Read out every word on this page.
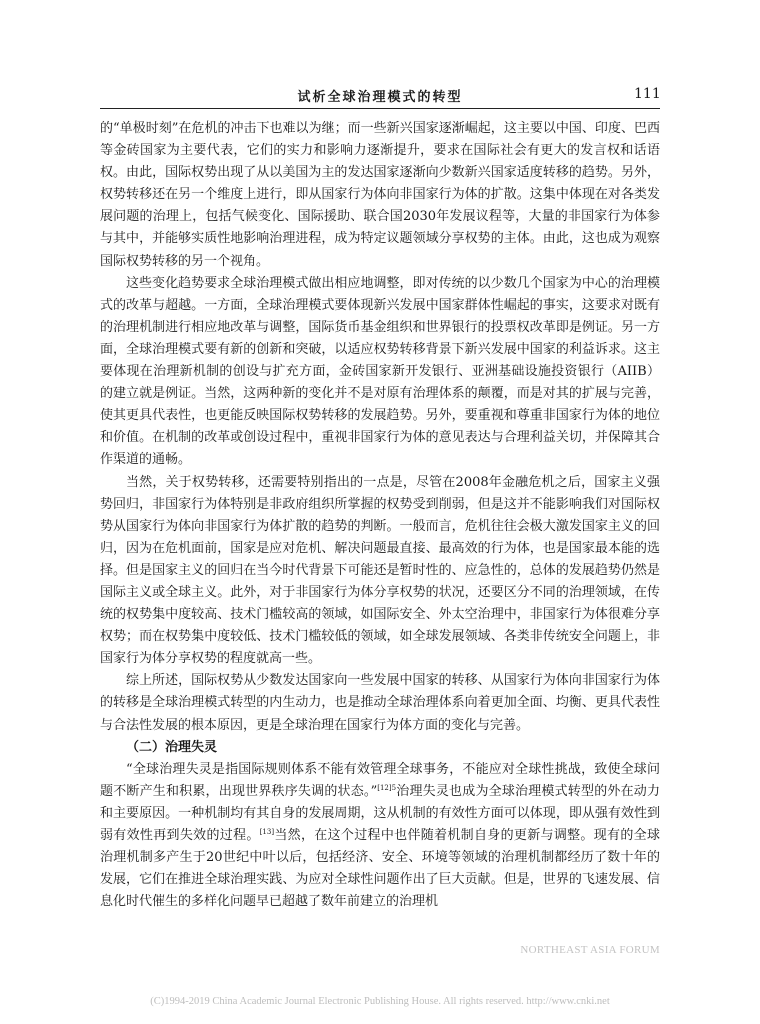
试析全球治理模式的转型	111

的“单极时刻”在危机的冲击下也难以为继；而一些新兴国家逐渐崛起，这主要以中国、印度、巴西等金砖国家为主要代表，它们的实力和影响力逐渐提升，要求在国际社会有更大的发言权和话语权。由此，国际权势出现了从以美国为主的发达国家逐渐向少数新兴国家适度转移的趋势。另外，权势转移还在另一个维度上进行，即从国家行为体向非国家行为体的扩散。这集中体现在对各类发展问题的治理上，包括气候变化、国际援助、联合国2030年发展议程等，大量的非国家行为体参与其中，并能够实质性地影响治理进程，成为特定议题领域分享权势的主体。由此，这也成为观察国际权势转移的另一个视角。

这些变化趋势要求全球治理模式做出相应地调整，即对传统的以少数几个国家为中心的治理模式的改革与超越。一方面，全球治理模式要体现新兴发展中国家群体性崛起的事实，这要求对既有的治理机制进行相应地改革与调整，国际货币基金组织和世界银行的投票权改革即是例证。另一方面，全球治理模式要有新的创新和突破，以适应权势转移背景下新兴发展中国家的利益诉求。这主要体现在治理新机制的创设与扩充方面，金砖国家新开发银行、亚洲基础设施投资银行（AIIB）的建立就是例证。当然，这两种新的变化并不是对原有治理体系的颠覆，而是对其的扩展与完善，使其更具代表性，也更能反映国际权势转移的发展趋势。另外，要重视和尊重非国家行为体的地位和价值。在机制的改革或创设过程中，重视非国家行为体的意见表达与合理利益关切，并保障其合作渠道的通畅。

当然，关于权势转移，还需要特别指出的一点是，尽管在2008年金融危机之后，国家主义强势回归，非国家行为体特别是非政府组织所掌握的权势受到削弱，但是这并不能影响我们对国际权势从国家行为体向非国家行为体扩散的趋势的判断。一般而言，危机往往会极大激发国家主义的回归，因为在危机面前，国家是应对危机、解决问题最直接、最高效的行为体，也是国家最本能的选择。但是国家主义的回归在当今时代背景下可能还是暂时性的、应急性的，总体的发展趋势仍然是国际主义或全球主义。此外，对于非国家行为体分享权势的状况，还要区分不同的治理领域，在传统的权势集中度较高、技术门槛较高的领域，如国际安全、外太空治理中，非国家行为体很难分享权势；而在权势集中度较低、技术门槛较低的领域，如全球发展领域、各类非传统安全问题上，非国家行为体分享权势的程度就高一些。

综上所述，国际权势从少数发达国家向一些发展中国家的转移、从国家行为体向非国家行为体的转移是全球治理模式转型的内生动力，也是推动全球治理体系向着更加全面、均衡、更具代表性与合法性发展的根本原因，更是全球治理在国家行为体方面的变化与完善。

（二）治理失灵

“全球治理失灵是指国际规则体系不能有效管理全球事务，不能应对全球性挑战，致使全球问题不断产生和积累，出现世界秩序失调的状态。”$^{[12]5}$治理失灵也成为全球治理模式转型的外在动力和主要原因。一种机制均有其自身的发展周期，这从机制的有效性方面可以体现，即从强有效性到弱有效性再到失效的过程。[13]当然，在这个过程中也伴随着机制自身的更新与调整。现有的全球治理机制多产生于20世纪中叶以后，包括经济、安全、环境等领域的治理机制都经历了数十年的发展，它们在推进全球治理实践、为应对全球性问题作出了巨大贡献。但是，世界的飞速发展、信息化时代催生的多样化问题早已超越了数年前建立的治理机

NORTHEAST ASIA FORUM
(C)1994-2019 China Academic Journal Electronic Publishing House. All rights reserved. http://www.cnki.net
